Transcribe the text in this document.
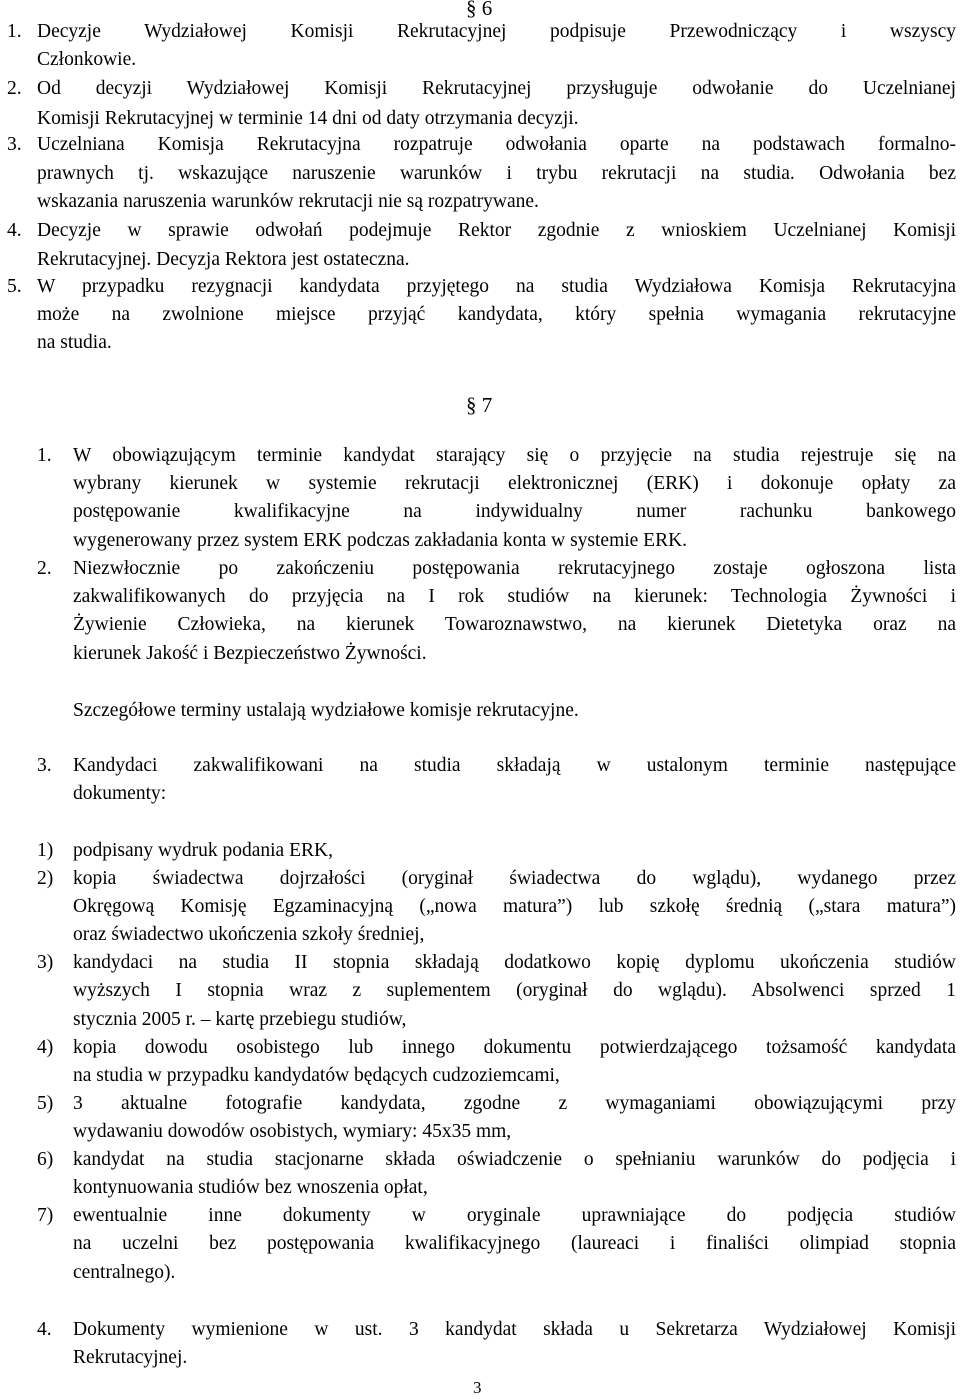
§ 6
§ 7
1. Decyzje Wydziałowej Komisji Rekrutacyjnej podpisuje Przewodniczący i wszyscy
Członkowie.
2. Od decyzji Wydziałowej Komisji Rekrutacyjnej przysługuje odwołanie do Uczelnianej
Komisji Rekrutacyjnej w terminie 14 dni od daty otrzymania decyzji.
3. Uczelniana Komisja Rekrutacyjna rozpatruje odwołania oparte na podstawach formalno-
prawnych tj. wskazujące naruszenie warunków i trybu rekrutacji na studia. Odwołania bez
wskazania naruszenia warunków rekrutacji nie są rozpatrywane.
4. Decyzje w sprawie odwołań podejmuje Rektor zgodnie z wnioskiem Uczelnianej Komisji
Rekrutacyjnej. Decyzja Rektora jest ostateczna.
5. W przypadku rezygnacji kandydata przyjętego na studia Wydziałowa Komisja Rekrutacyjna
może na zwolnione miejsce przyjąć kandydata, który spełnia wymagania rekrutacyjne
na studia.
1. W obowiązującym terminie kandydat starający się o przyjęcie na studia rejestruje się na
wybrany kierunek w systemie rekrutacji elektronicznej (ERK) i dokonuje opłaty za
postępowanie kwalifikacyjne na indywidualny numer rachunku bankowego
wygenerowany przez system ERK podczas zakładania konta w systemie ERK.
2. Niezwłocznie po zakończeniu postępowania rekrutacyjnego zostaje ogłoszona lista
zakwalifikowanych do przyjęcia na I rok studiów na kierunek: Technologia Żywności i
Żywienie Człowieka, na kierunek Towaroznawstwo, na kierunek Dietetyka oraz na
kierunek Jakość i Bezpieczeństwo Żywności.
Szczegółowe terminy ustalają wydziałowe komisje rekrutacyjne.
3. Kandydaci zakwalifikowani na studia składają w ustalonym terminie następujące
dokumenty:
1) podpisany wydruk podania ERK,
2) kopia świadectwa dojrzałości (oryginał świadectwa do wglądu), wydanego przez
Okręgową Komisję Egzaminacyjną („nowa matura”) lub szkołę średnią („stara matura”)
oraz świadectwo ukończenia szkoły średniej,
3) kandydaci na studia II stopnia składają dodatkowo kopię dyplomu ukończenia studiów
wyższych I stopnia wraz z suplementem (oryginał do wglądu). Absolwenci sprzed 1
stycznia 2005 r. – kartę przebiegu studiów,
4) kopia dowodu osobistego lub innego dokumentu potwierdzającego tożsamość kandydata
na studia w przypadku kandydatów będących cudzoziemcami,
5) 3 aktualne fotografie kandydata, zgodne z wymaganiami obowiązującymi przy
wydawaniu dowodów osobistych, wymiary: 45x35 mm,
6) kandydat na studia stacjonarne składa oświadczenie o spełnianiu warunków do podjęcia i
kontynuowania studiów bez wnoszenia opłat,
7) ewentualnie inne dokumenty w oryginale uprawniające do podjęcia studiów
na uczelni bez postępowania kwalifikacyjnego (laureaci i finaliści olimpiad stopnia
centralnego).
4. Dokumenty wymienione w ust. 3 kandydat składa u Sekretarza Wydziałowej Komisji
Rekrutacyjnej.
3
